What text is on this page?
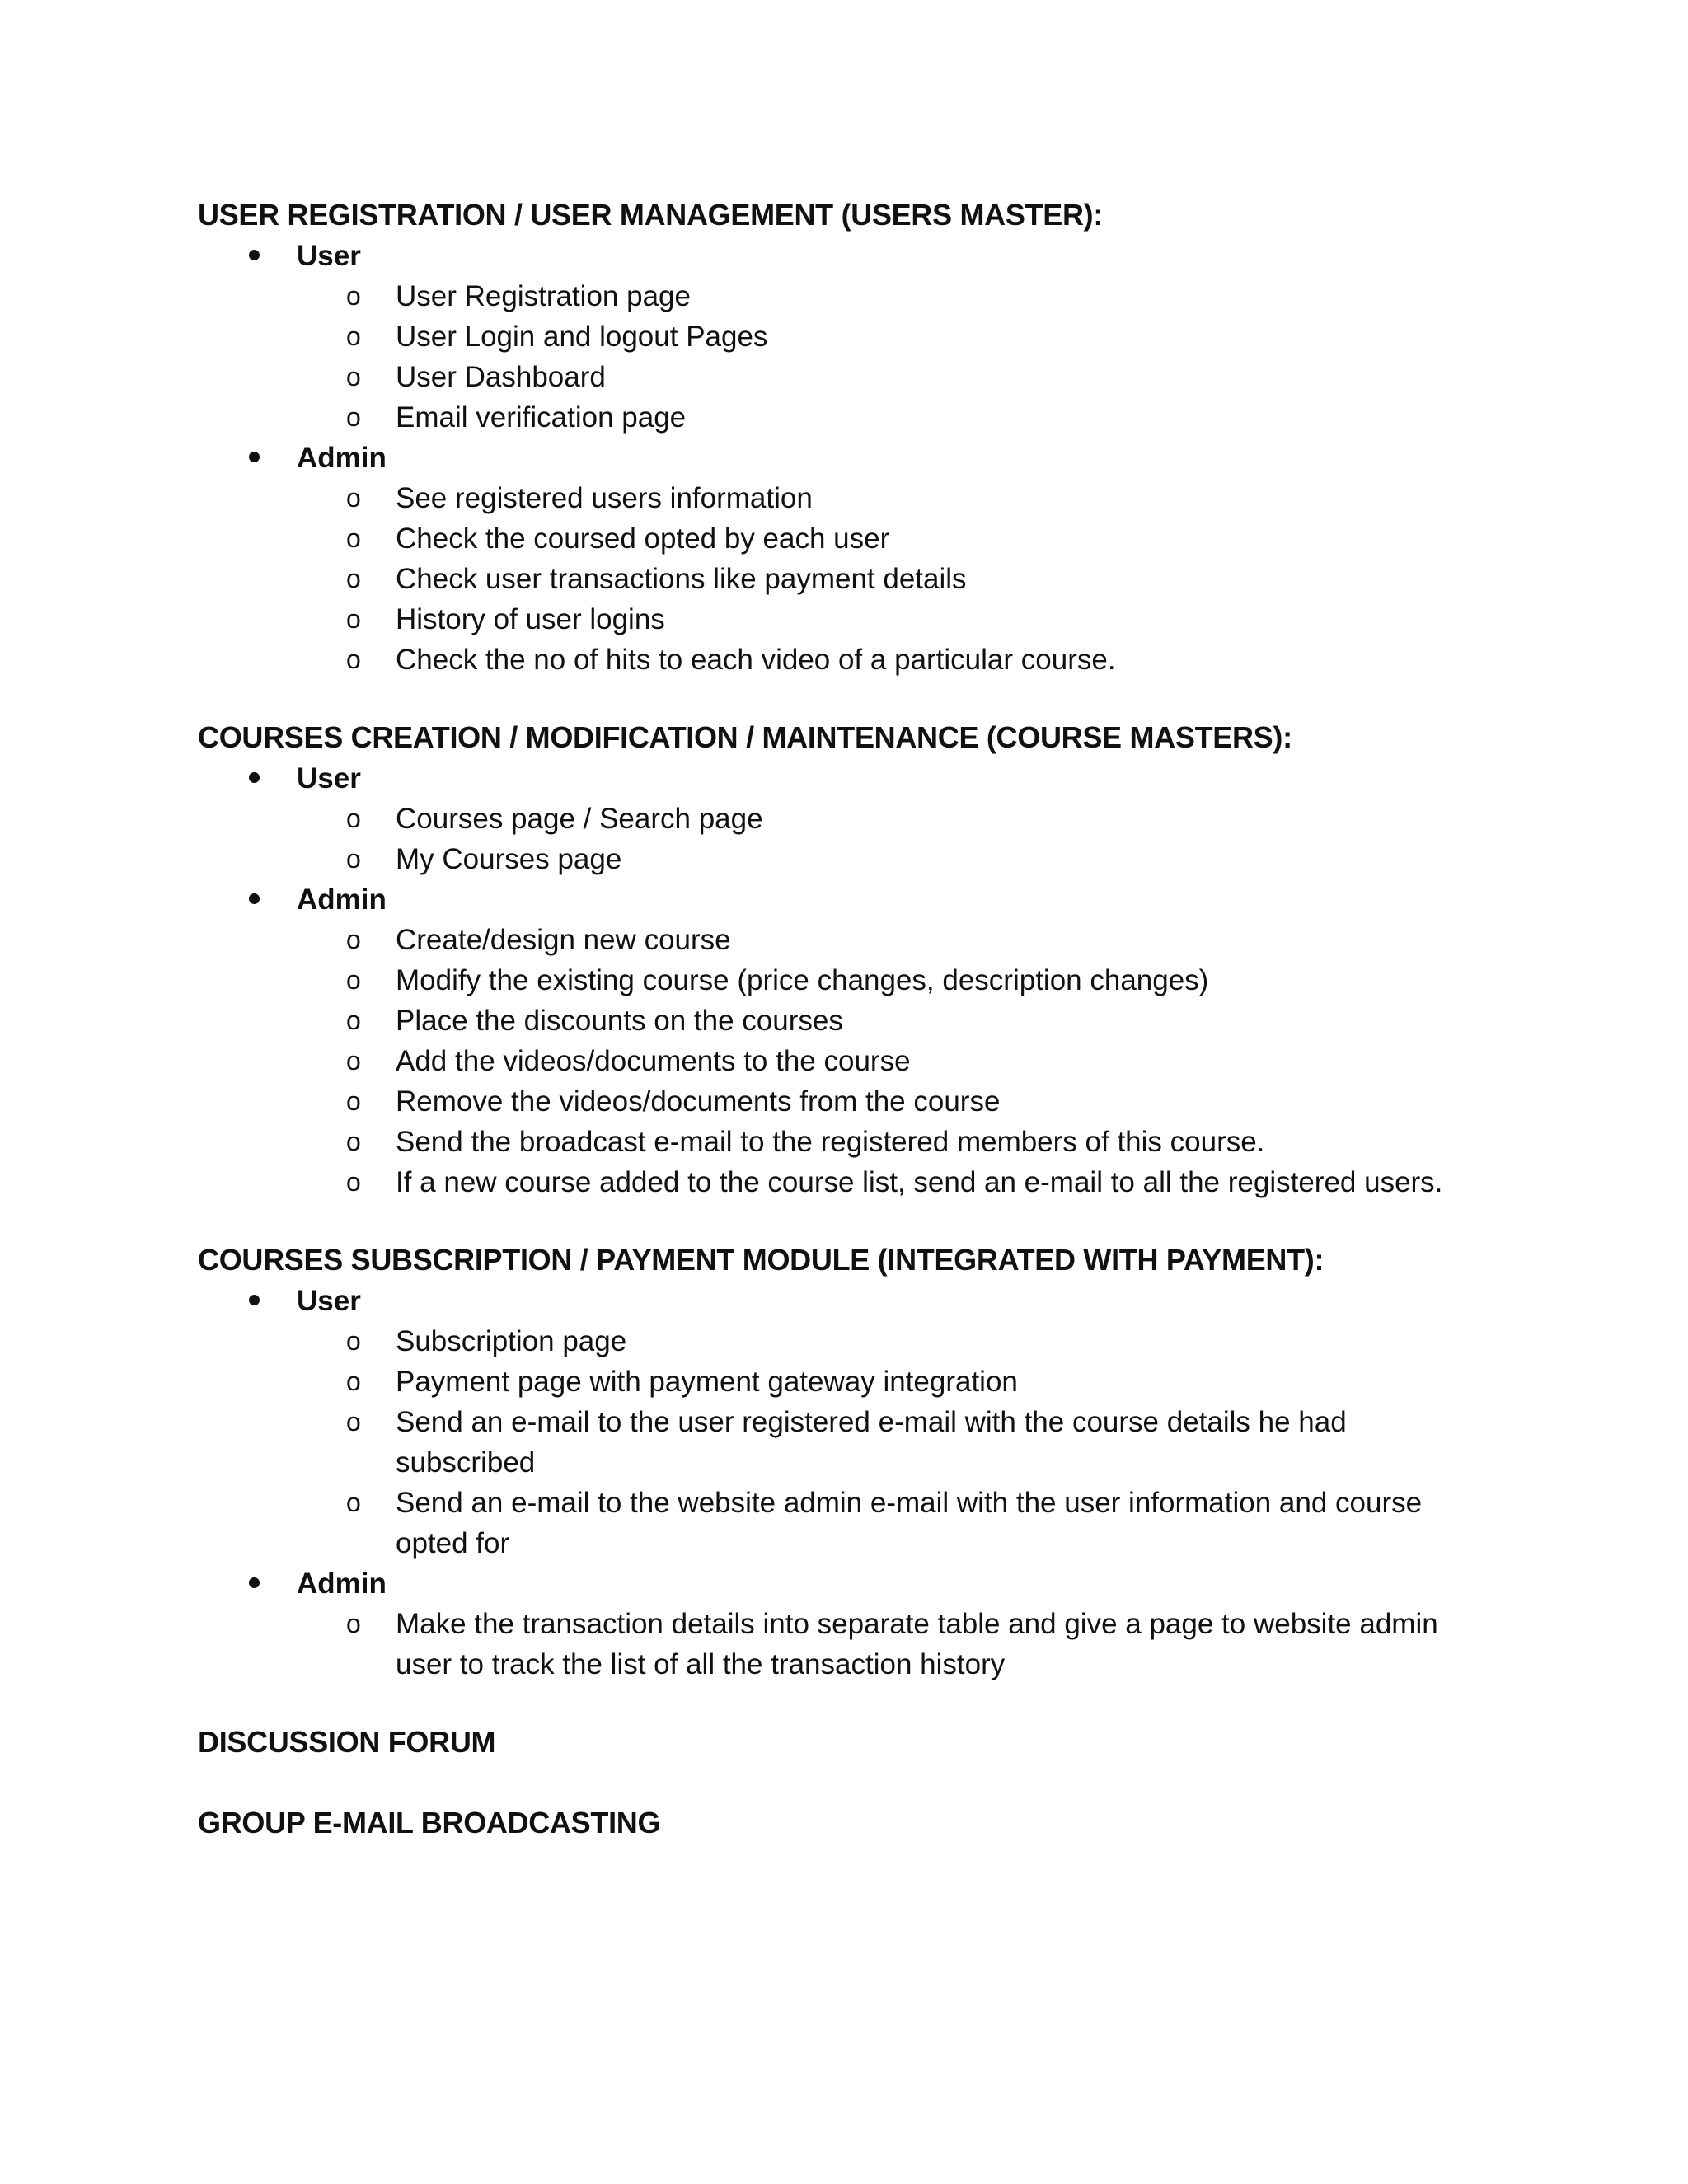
USER REGISTRATION / USER MANAGEMENT (USERS MASTER):

User
o User Registration page
o User Login and logout Pages
o User Dashboard
o Email verification page
Admin
o See registered users information
o Check the coursed opted by each user
o Check user transactions like payment details
o History of user logins
o Check the no of hits to each video of a particular course.

COURSES CREATION / MODIFICATION / MAINTENANCE (COURSE MASTERS):

User
o Courses page / Search page
o My Courses page
Admin
o Create/design new course
o Modify the existing course (price changes, description changes)
o Place the discounts on the courses
o Add the videos/documents to the course
o Remove the videos/documents from the course
o Send the broadcast e-mail to the registered members of this course.
o If a new course added to the course list, send an e-mail to all the registered users.

COURSES SUBSCRIPTION / PAYMENT MODULE (INTEGRATED WITH PAYMENT):

User
o Subscription page
o Payment page with payment gateway integration
o Send an e-mail to the user registered e-mail with the course details he had subscribed
o Send an e-mail to the website admin e-mail with the user information and course opted for
Admin
o Make the transaction details into separate table and give a page to website admin user to track the list of all the transaction history

DISCUSSION FORUM

GROUP E-MAIL BROADCASTING
